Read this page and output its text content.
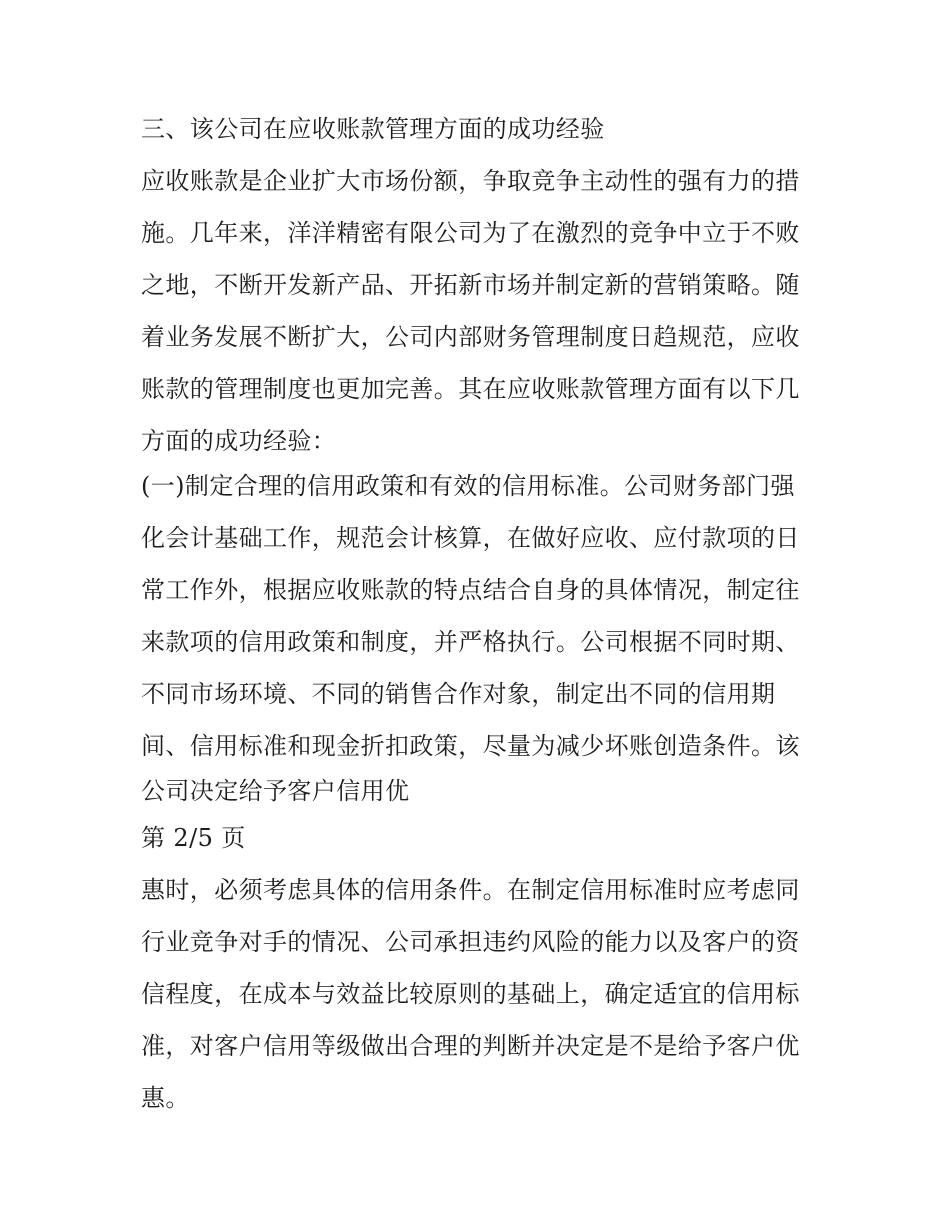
三、该公司在应收账款管理方面的成功经验
应收账款是企业扩大市场份额，争取竞争主动性的强有力的措
施。几年来，洋洋精密有限公司为了在激烈的竞争中立于不败
之地，不断开发新产品、开拓新市场并制定新的营销策略。随
着业务发展不断扩大，公司内部财务管理制度日趋规范，应收
账款的管理制度也更加完善。其在应收账款管理方面有以下几
方面的成功经验：
(一)制定合理的信用政策和有效的信用标准。公司财务部门强
化会计基础工作，规范会计核算，在做好应收、应付款项的日
常工作外，根据应收账款的特点结合自身的具体情况，制定往
来款项的信用政策和制度，并严格执行。公司根据不同时期、
不同市场环境、不同的销售合作对象，制定出不同的信用期
间、信用标准和现金折扣政策，尽量为减少坏账创造条件。该
公司决定给予客户信用优
第 2/5 页
惠时，必须考虑具体的信用条件。在制定信用标准时应考虑同
行业竞争对手的情况、公司承担违约风险的能力以及客户的资
信程度，在成本与效益比较原则的基础上，确定适宜的信用标
准，对客户信用等级做出合理的判断并决定是不是给予客户优
惠。
